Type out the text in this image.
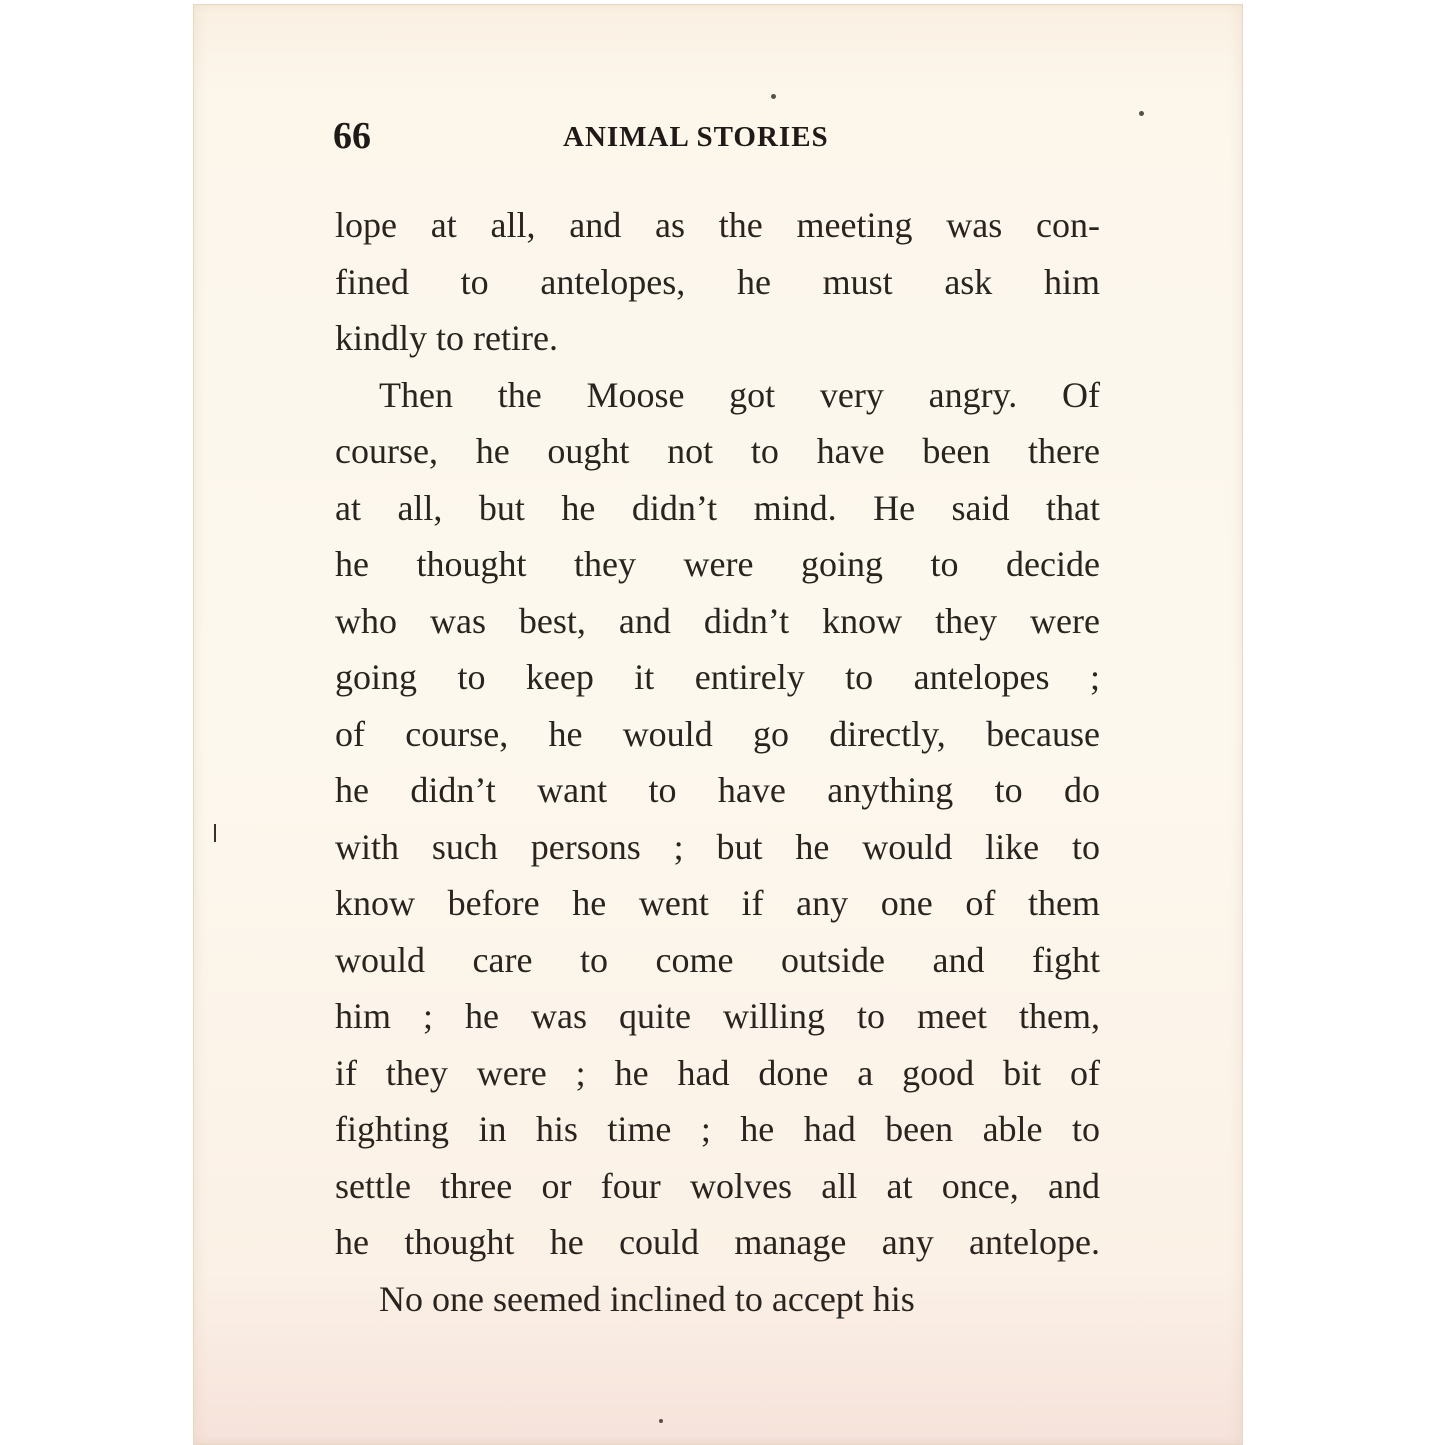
66	ANIMAL STORIES
lope at all, and as the meeting was con-
fined to antelopes, he must ask him
kindly to retire.
Then the Moose got very angry. Of
course, he ought not to have been there
at all, but he didn’t mind. He said that
he thought they were going to decide
who was best, and didn’t know they were
going to keep it entirely to antelopes ;
of course, he would go directly, because
he didn’t want to have anything to do
with such persons ; but he would like to
know before he went if any one of them
would care to come outside and fight
him ; he was quite willing to meet them,
if they were ; he had done a good bit of
fighting in his time ; he had been able to
settle three or four wolves all at once, and
he thought he could manage any antelope.
No one seemed inclined to accept his
